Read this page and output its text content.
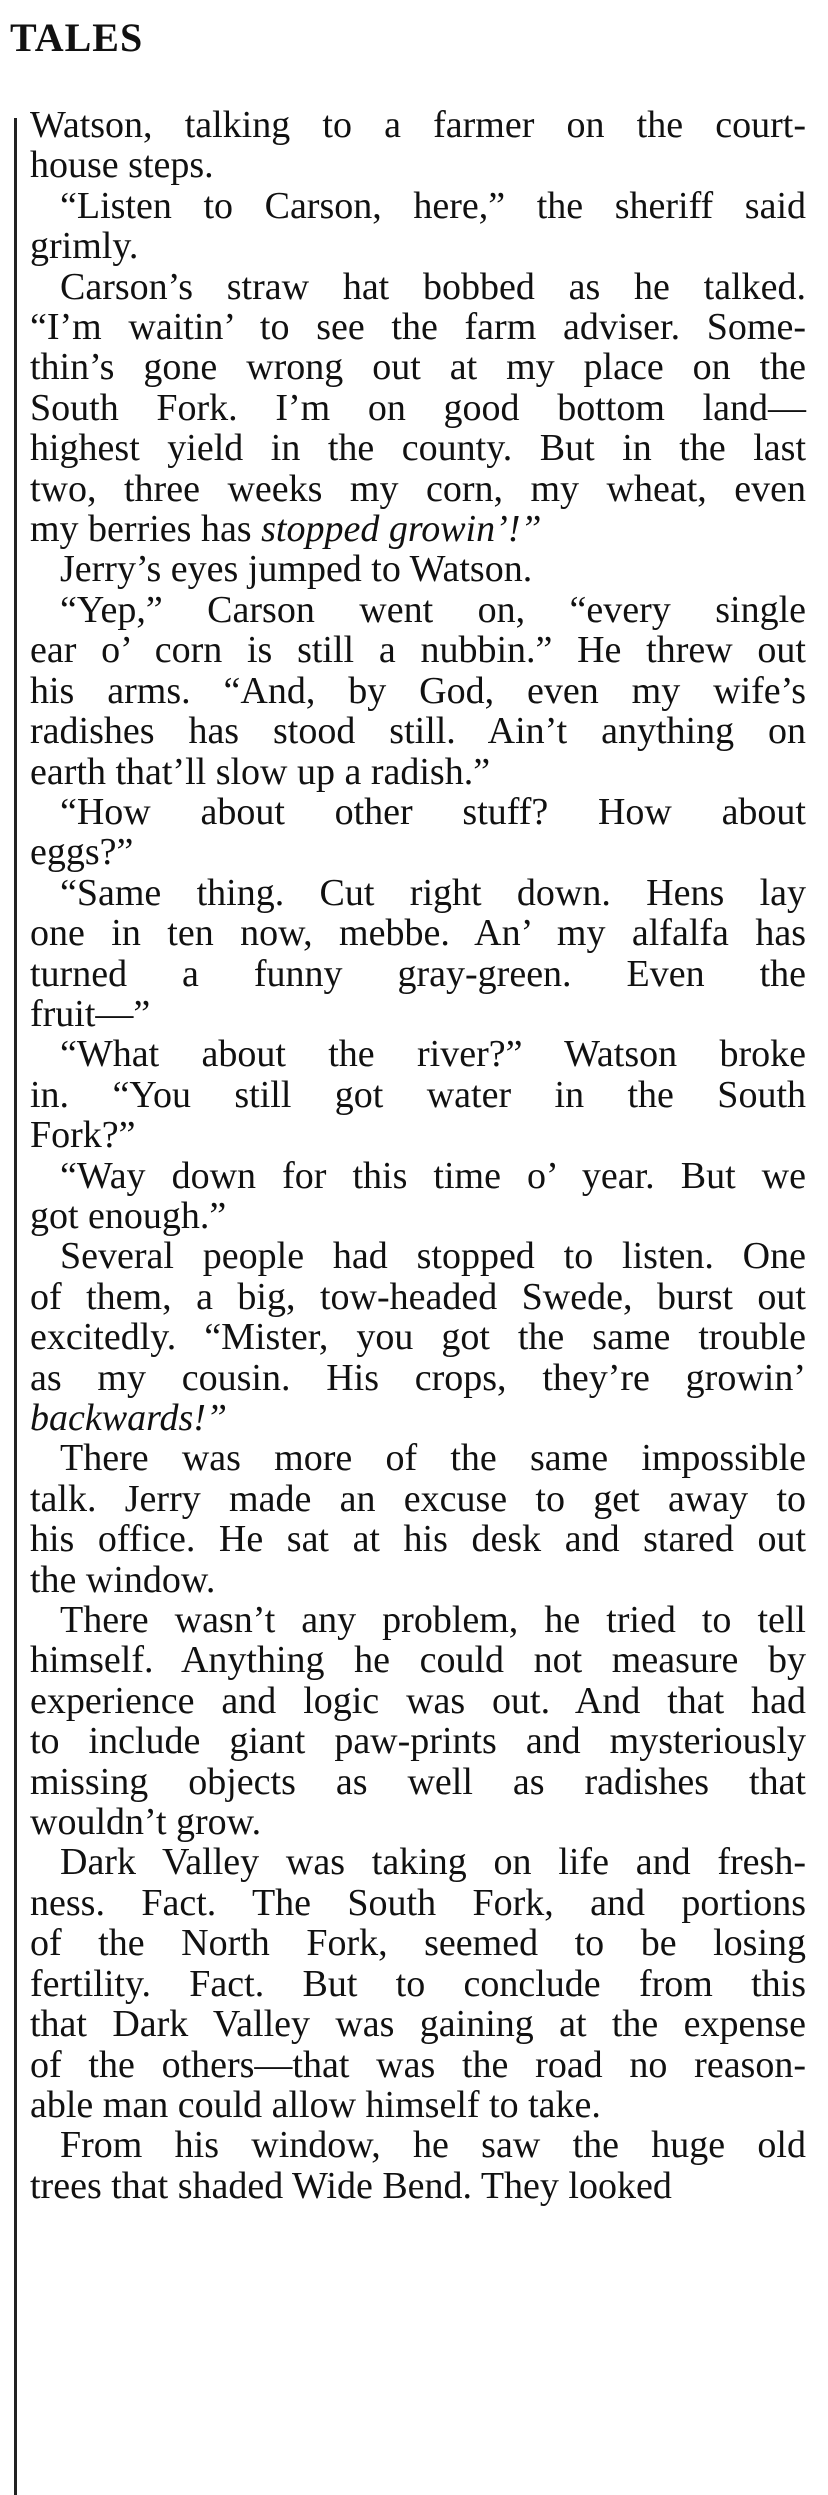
TALES
Watson, talking to a farmer on the court-
house steps.
“Listen to Carson, here,” the sheriff said
grimly.
Carson’s straw hat bobbed as he talked.
“I’m waitin’ to see the farm adviser. Some-
thin’s gone wrong out at my place on the
South Fork. I’m on good bottom land—
highest yield in the county. But in the last
two, three weeks my corn, my wheat, even
my berries has stopped growin’!”
Jerry’s eyes jumped to Watson.
“Yep,” Carson went on, “every single
ear o’ corn is still a nubbin.” He threw out
his arms. “And, by God, even my wife’s
radishes has stood still. Ain’t anything on
earth that’ll slow up a radish.”
“How about other stuff? How about
eggs?”
“Same thing. Cut right down. Hens lay
one in ten now, mebbe. An’ my alfalfa has
turned a funny gray-green. Even the
fruit—”
“What about the river?” Watson broke
in. “You still got water in the South
Fork?”
“Way down for this time o’ year. But we
got enough.”
Several people had stopped to listen. One
of them, a big, tow-headed Swede, burst out
excitedly. “Mister, you got the same trouble
as my cousin. His crops, they’re growin’
backwards!”
There was more of the same impossible
talk. Jerry made an excuse to get away to
his office. He sat at his desk and stared out
the window.
There wasn’t any problem, he tried to tell
himself. Anything he could not measure by
experience and logic was out. And that had
to include giant paw-prints and mysteriously
missing objects as well as radishes that
wouldn’t grow.
Dark Valley was taking on life and fresh-
ness. Fact. The South Fork, and portions
of the North Fork, seemed to be losing
fertility. Fact. But to conclude from this
that Dark Valley was gaining at the expense
of the others—that was the road no reason-
able man could allow himself to take.
From his window, he saw the huge old
trees that shaded Wide Bend. They looked
